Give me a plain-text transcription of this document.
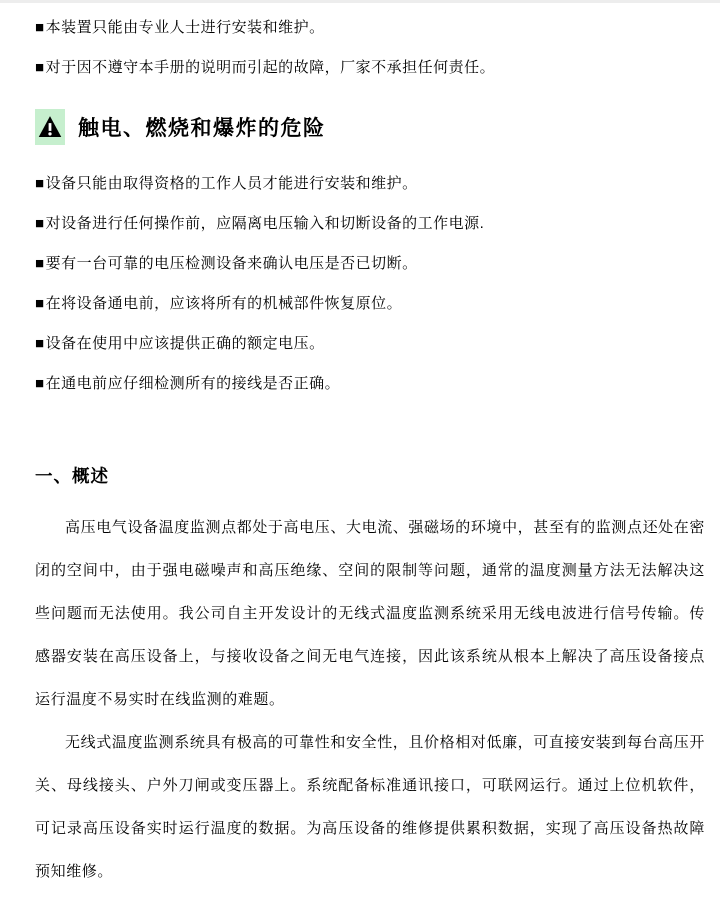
■本装置只能由专业人士进行安装和维护。
■对于因不遵守本手册的说明而引起的故障，厂家不承担任何责任。
触电、燃烧和爆炸的危险
■设备只能由取得资格的工作人员才能进行安装和维护。
■对设备进行任何操作前，应隔离电压输入和切断设备的工作电源.
■要有一台可靠的电压检测设备来确认电压是否已切断。
■在将设备通电前，应该将所有的机械部件恢复原位。
■设备在使用中应该提供正确的额定电压。
■在通电前应仔细检测所有的接线是否正确。
一、概述

高压电气设备温度监测点都处于高电压、大电流、强磁场的环境中，甚至有的监测点还处在密闭的空间中，由于强电磁噪声和高压绝缘、空间的限制等问题，通常的温度测量方法无法解决这些问题而无法使用。我公司自主开发设计的无线式温度监测系统采用无线电波进行信号传输。传感器安装在高压设备上，与接收设备之间无电气连接，因此该系统从根本上解决了高压设备接点运行温度不易实时在线监测的难题。

无线式温度监测系统具有极高的可靠性和安全性，且价格相对低廉，可直接安装到每台高压开关、母线接头、户外刀闸或变压器上。系统配备标准通讯接口，可联网运行。通过上位机软件，可记录高压设备实时运行温度的数据。为高压设备的维修提供累积数据，实现了高压设备热故障预知维修。
